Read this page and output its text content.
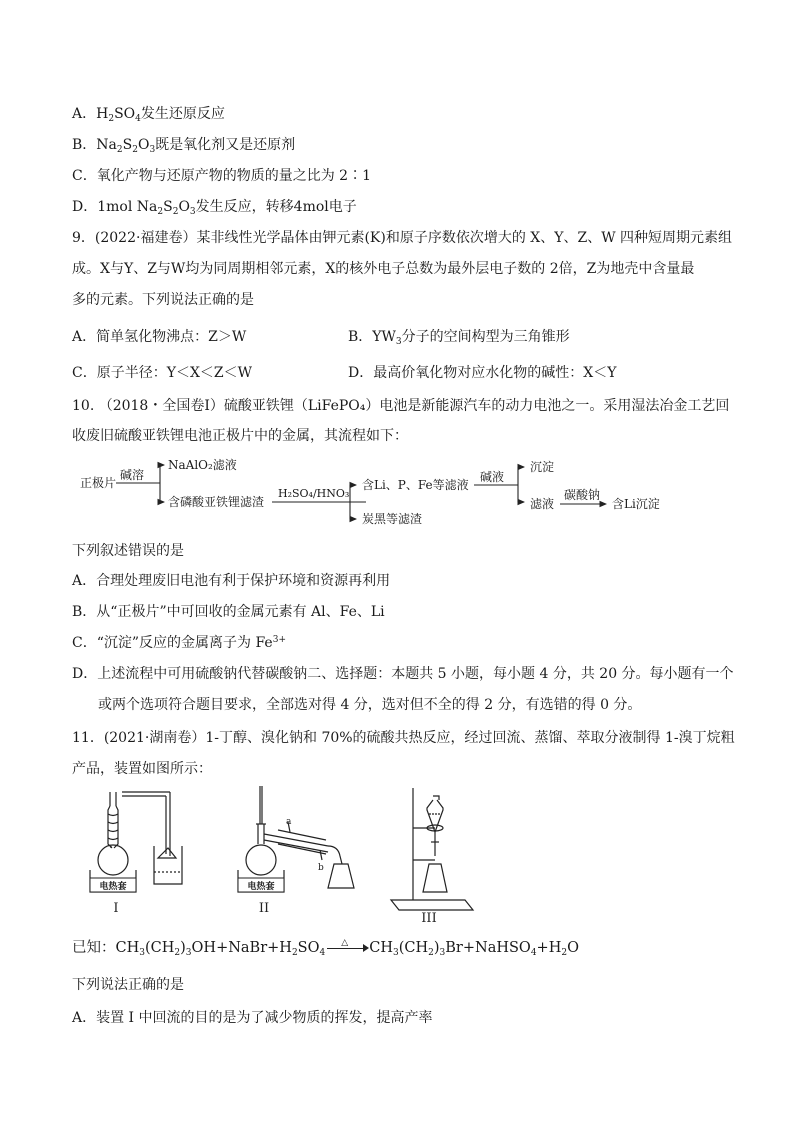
A．$H_2SO_4$发生还原反应
B．$Na_2S_2O_3$既是氧化剂又是还原剂
C．氧化产物与还原产物的物质的量之比为 2∶1
D．1mol $Na_2S_2O_3$发生反应，转移4mol电子
9．(2022·福建卷）某非线性光学晶体由钾元素(K)和原子序数依次增大的 X、Y、Z、W 四种短周期元素组
成。X与Y、Z与W均为同周期相邻元素，X的核外电子总数为最外层电子数的 2倍，Z为地壳中含量最
多的元素。下列说法正确的是
A．简单氢化物沸点：Z＞W	B．$YW_3$分子的空间构型为三角锥形
C．原子半径：Y＜X＜Z＜W	D．最高价氧化物对应水化物的碱性：X＜Y
10. （2018・全国卷Ⅰ）硫酸亚铁锂（LiFePO₄）电池是新能源汽车的动力电池之一。采用湿法冶金工艺回
收废旧硫酸亚铁锂电池正极片中的金属，其流程如下：
正极片
碱溶
NaAlO₂滤液
含磷酸亚铁锂滤渣
H₂SO₄/HNO₃
含Li、P、Fe等滤液
炭黑等滤渣
碱液
沉淀
滤液
碳酸钠
含Li沉淀
下列叙述错误的是
A．合理处理废旧电池有利于保护环境和资源再利用
B．从“正极片”中可回收的金属元素有 Al、Fe、Li
C．“沉淀”反应的金属离子为 $Fe^{3+}$
D．上述流程中可用硫酸钠代替碳酸钠二、选择题：本题共 5 小题，每小题 4 分，共 20 分。每小题有一个
或两个选项符合题目要求，全部选对得 4 分，选对但不全的得 2 分，有选错的得 0 分。
11．(2021·湖南卷）1-丁醇、溴化钠和 70%的硫酸共热反应，经过回流、蒸馏、萃取分液制得 1-溴丁烷粗
产品，装置如图所示：
电热套
I
电热套
a
b
II
III
已知：$CH_3(CH_2)_3OH+NaBr+H_2SO_4$
△ $CH_3(CH_2)_3Br+NaHSO_4+H_2O$
下列说法正确的是
A．装置 I 中回流的目的是为了减少物质的挥发，提高产率
